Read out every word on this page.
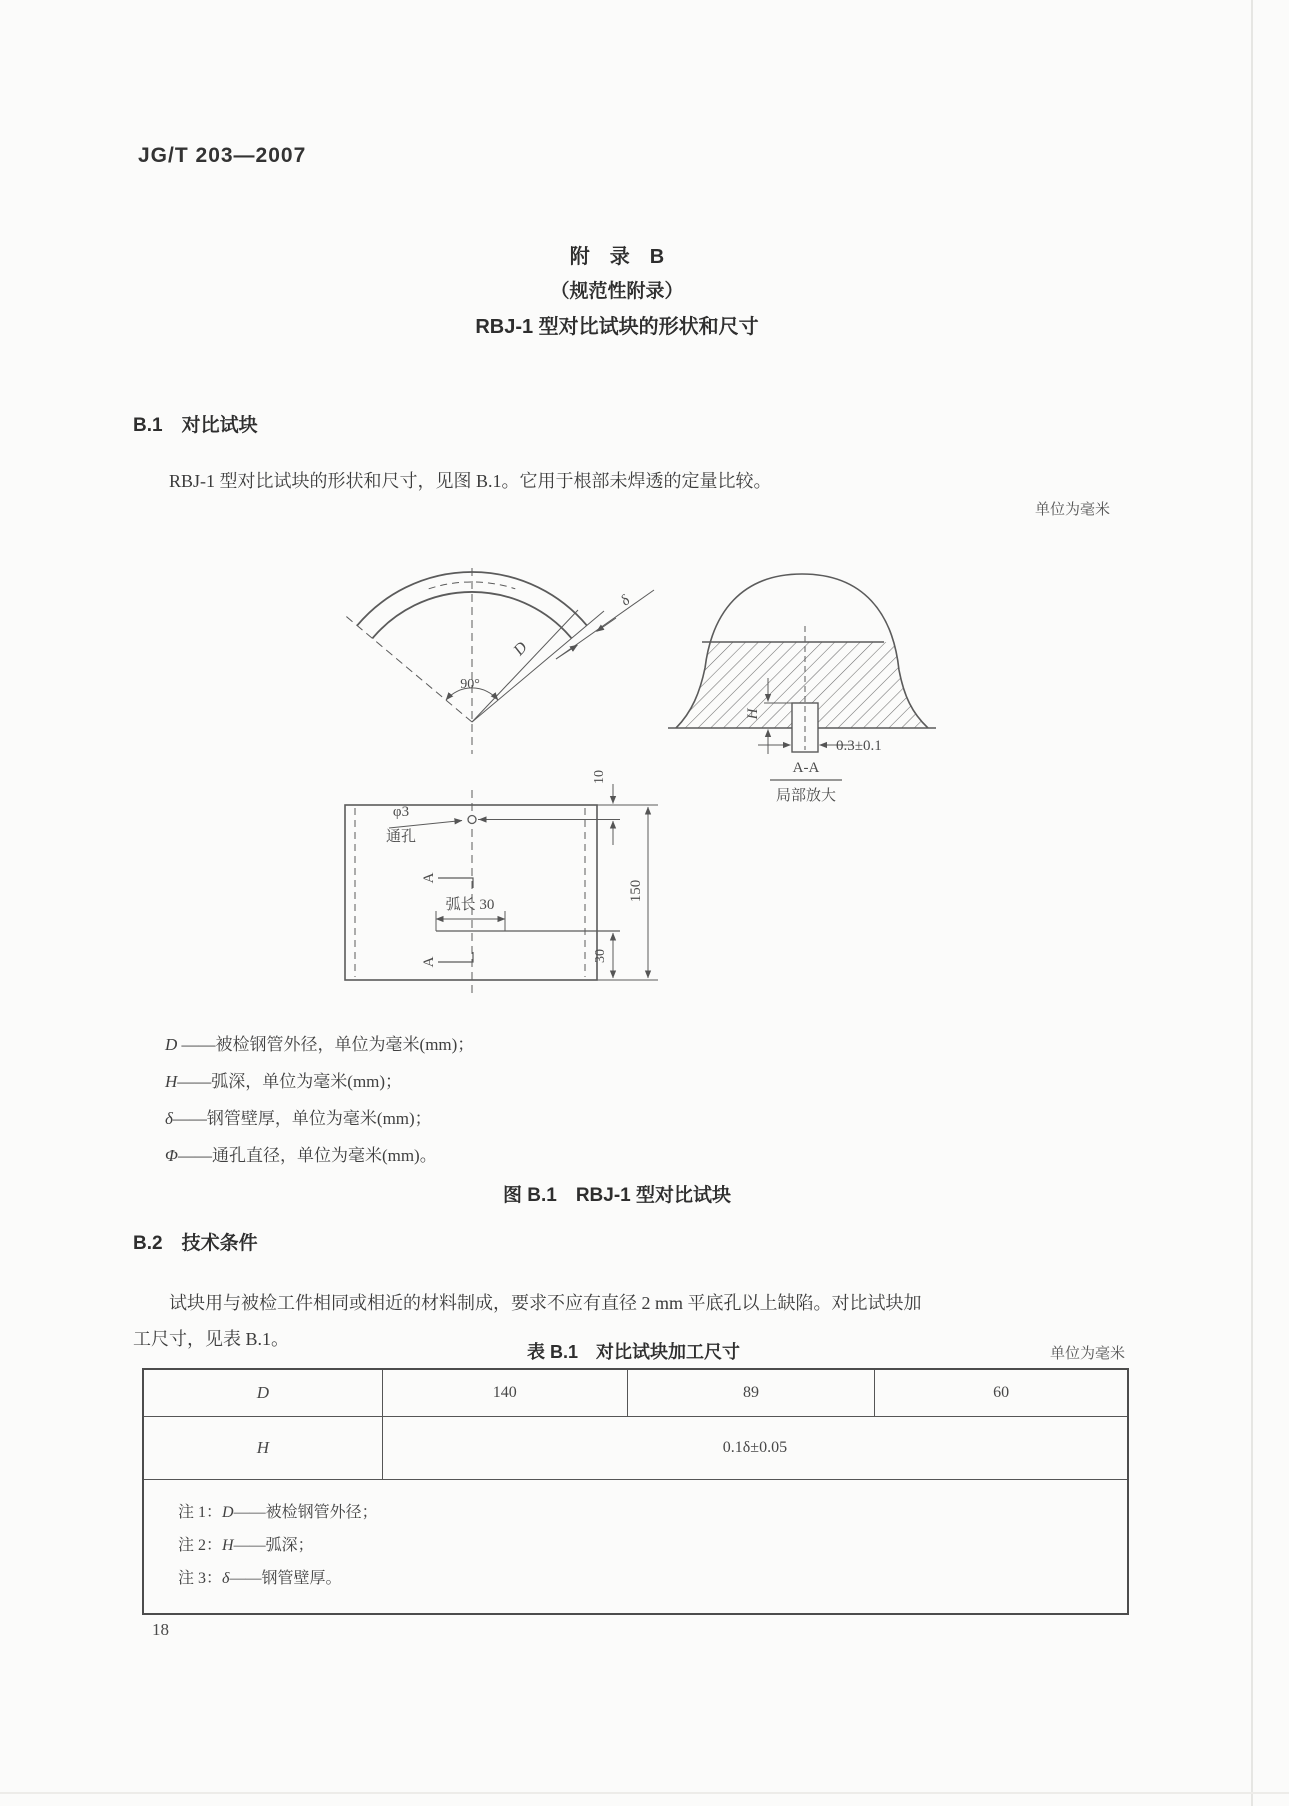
JG/T 203—2007
附　录　B
（规范性附录）
RBJ-1 型对比试块的形状和尺寸
B.1　对比试块
RBJ-1 型对比试块的形状和尺寸，见图 B.1。它用于根部未焊透的定量比较。
单位为毫米
90°
D
δ
H
0.3±0.1
A-A
局部放大
φ3
通孔
A
A
弧长 30
10
150
30
D ——被检钢管外径，单位为毫米(mm)；
H——弧深，单位为毫米(mm)；
δ——钢管壁厚，单位为毫米(mm)；
Φ——通孔直径，单位为毫米(mm)。
图 B.1　RBJ-1 型对比试块
B.2　技术条件
试块用与被检工件相同或相近的材料制成，要求不应有直径 2 mm 平底孔以上缺陷。对比试块加
工尺寸，见表 B.1。
表 B.1　对比试块加工尺寸	单位为毫米
D	140	89	60
H	0.1δ±0.05
注 1：D——被检钢管外径；
注 2：H——弧深；
注 3：δ——钢管壁厚。
18
